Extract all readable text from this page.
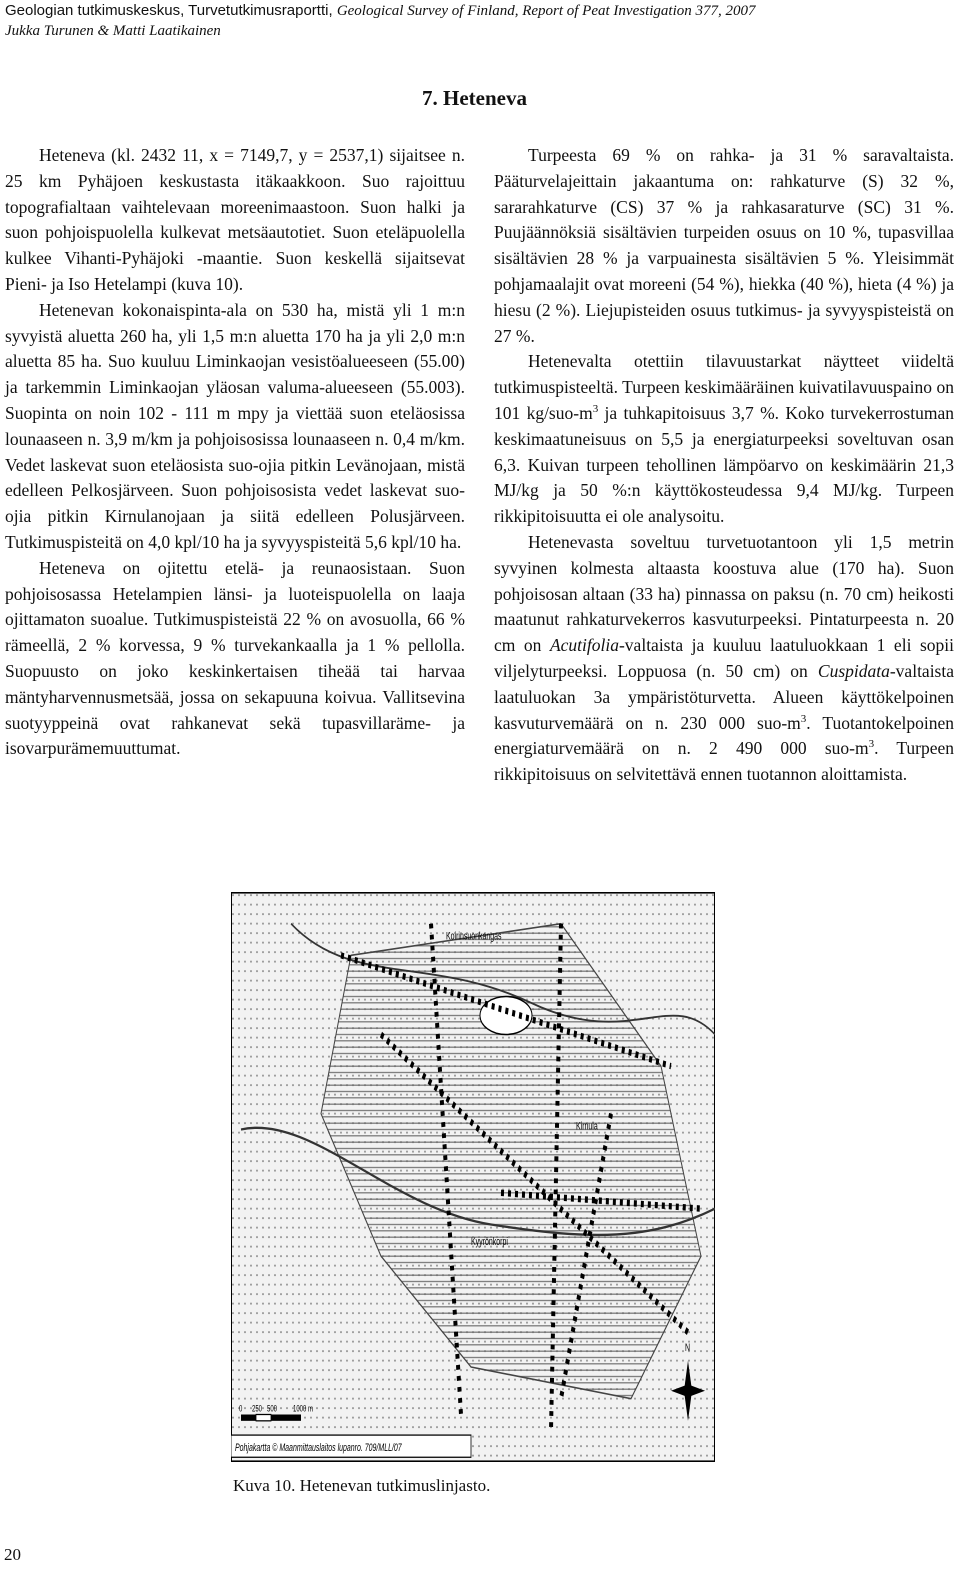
Geologian tutkimuskeskus, Turvetutkimusraportti, Geological Survey of Finland, Report of Peat Investigation 377, 2007
Jukka Turunen & Matti Laatikainen
7. Heteneva

Heteneva (kl. 2432 11, x = 7149,7, y = 2537,1) sijaitsee n. 25 km Pyhäjoen keskustasta itäkaakkoon. Suo rajoittuu topografialtaan vaihtelevaan moreenimaastoon. Suon halki ja suon pohjoispuolella kulkevat metsäautotiet. Suon eteläpuolella kulkee Vihanti-Pyhäjoki -maantie. Suon keskellä sijaitsevat Pieni- ja Iso Hetelampi (kuva 10).

Hetenevan kokonaispinta-ala on 530 ha, mistä yli 1 m:n syvyistä aluetta 260 ha, yli 1,5 m:n aluetta 170 ha ja yli 2,0 m:n aluetta 85 ha. Suo kuuluu Liminkaojan vesistöalueeseen (55.00) ja tarkemmin Liminkaojan yläosan valuma-alueeseen (55.003). Suopinta on noin 102 - 111 m mpy ja viettää suon eteläosissa lounaaseen n. 3,9 m/km ja pohjoisosissa lounaaseen n. 0,4 m/km. Vedet laskevat suon eteläosista suo-ojia pitkin Levänojaan, mistä edelleen Pelkosjärveen. Suon pohjoisosista vedet laskevat suo-ojia pitkin Kirnulanojaan ja siitä edelleen Polusjärveen. Tutkimuspisteitä on 4,0 kpl/10 ha ja syvyyspisteitä 5,6 kpl/10 ha.

Heteneva on ojitettu etelä- ja reunaosistaan. Suon pohjoisosassa Hetelampien länsi- ja luoteispuolella on laaja ojittamaton suoalue. Tutkimuspisteistä 22 % on avosuolla, 66 % rämeellä, 2 % korvessa, 9 % turvekankaalla ja 1 % pellolla. Suopuusto on joko keskinkertaisen tiheää tai harvaa mäntyharvennusmetsää, jossa on sekapuuna koivua. Vallitsevina suotyyppeinä ovat rahkanevat sekä tupasvillaräme- ja isovarpurämemuuttumat.

Turpeesta 69 % on rahka- ja 31 % saravaltaista. Pääturvelajeittain jakaantuma on: rahkaturve (S) 32 %, sararahkaturve (CS) 37 % ja rahkasaraturve (SC) 31 %. Puujäännöksiä sisältävien turpeiden osuus on 10 %, tupasvillaa sisältävien 28 % ja varpuainesta sisältävien 5 %. Yleisimmät pohjamaalajit ovat moreeni (54 %), hiekka (40 %), hieta (4 %) ja hiesu (2 %). Liejupisteiden osuus tutkimus- ja syvyyspisteistä on 27 %.

Hetenevalta otettiin tilavuustarkat näytteet viideltä tutkimuspisteeltä. Turpeen keskimääräinen kuivatilavuuspaino on 101 $kg/suo-m^3$ ja tuhkapitoisuus 3,7 %. Koko turvekerrostuman keskimaatuneisuus on 5,5 ja energiaturpeeksi soveltuvan osan 6,3. Kuivan turpeen tehollinen lämpöarvo on keskimäärin 21,3 MJ/kg ja 50 %:n käyttökosteudessa 9,4 MJ/kg. Turpeen rikkipitoisuutta ei ole analysoitu.

Hetenevasta soveltuu turvetuotantoon yli 1,5 metrin syvyinen kolmesta altaasta koostuva alue (170 ha). Suon pohjoisosan altaan (33 ha) pinnassa on paksu (n. 70 cm) heikosti maatunut rahkaturvekerros kasvuturpeeksi. Pintaturpeesta n. 20 cm on Acutifolia-valtaista ja kuuluu laatuluokkaan 1 eli sopii viljelyturpeeksi. Loppuosa (n. 50 cm) on Cuspidata-valtaista laatuluokan 3a ympäristöturvetta. Alueen käyttökelpoinen kasvuturvemäärä on n. 230 000 suo-$m^3$. Tuotantokelpoinen energiaturvemäärä on n. 2 490 000 suo-$m^3$. Turpeen rikkipitoisuus on selvitettävä ennen tuotannon aloittamista.

Koirinsuonkangas
Kyyrönkorpi
Kirnula
0 250 500	1000 m
N
Pohjakartta © Maanmittauslaitos lupanro. 709/MLL/07
Kuva 10. Hetenevan tutkimuslinjasto.
20
